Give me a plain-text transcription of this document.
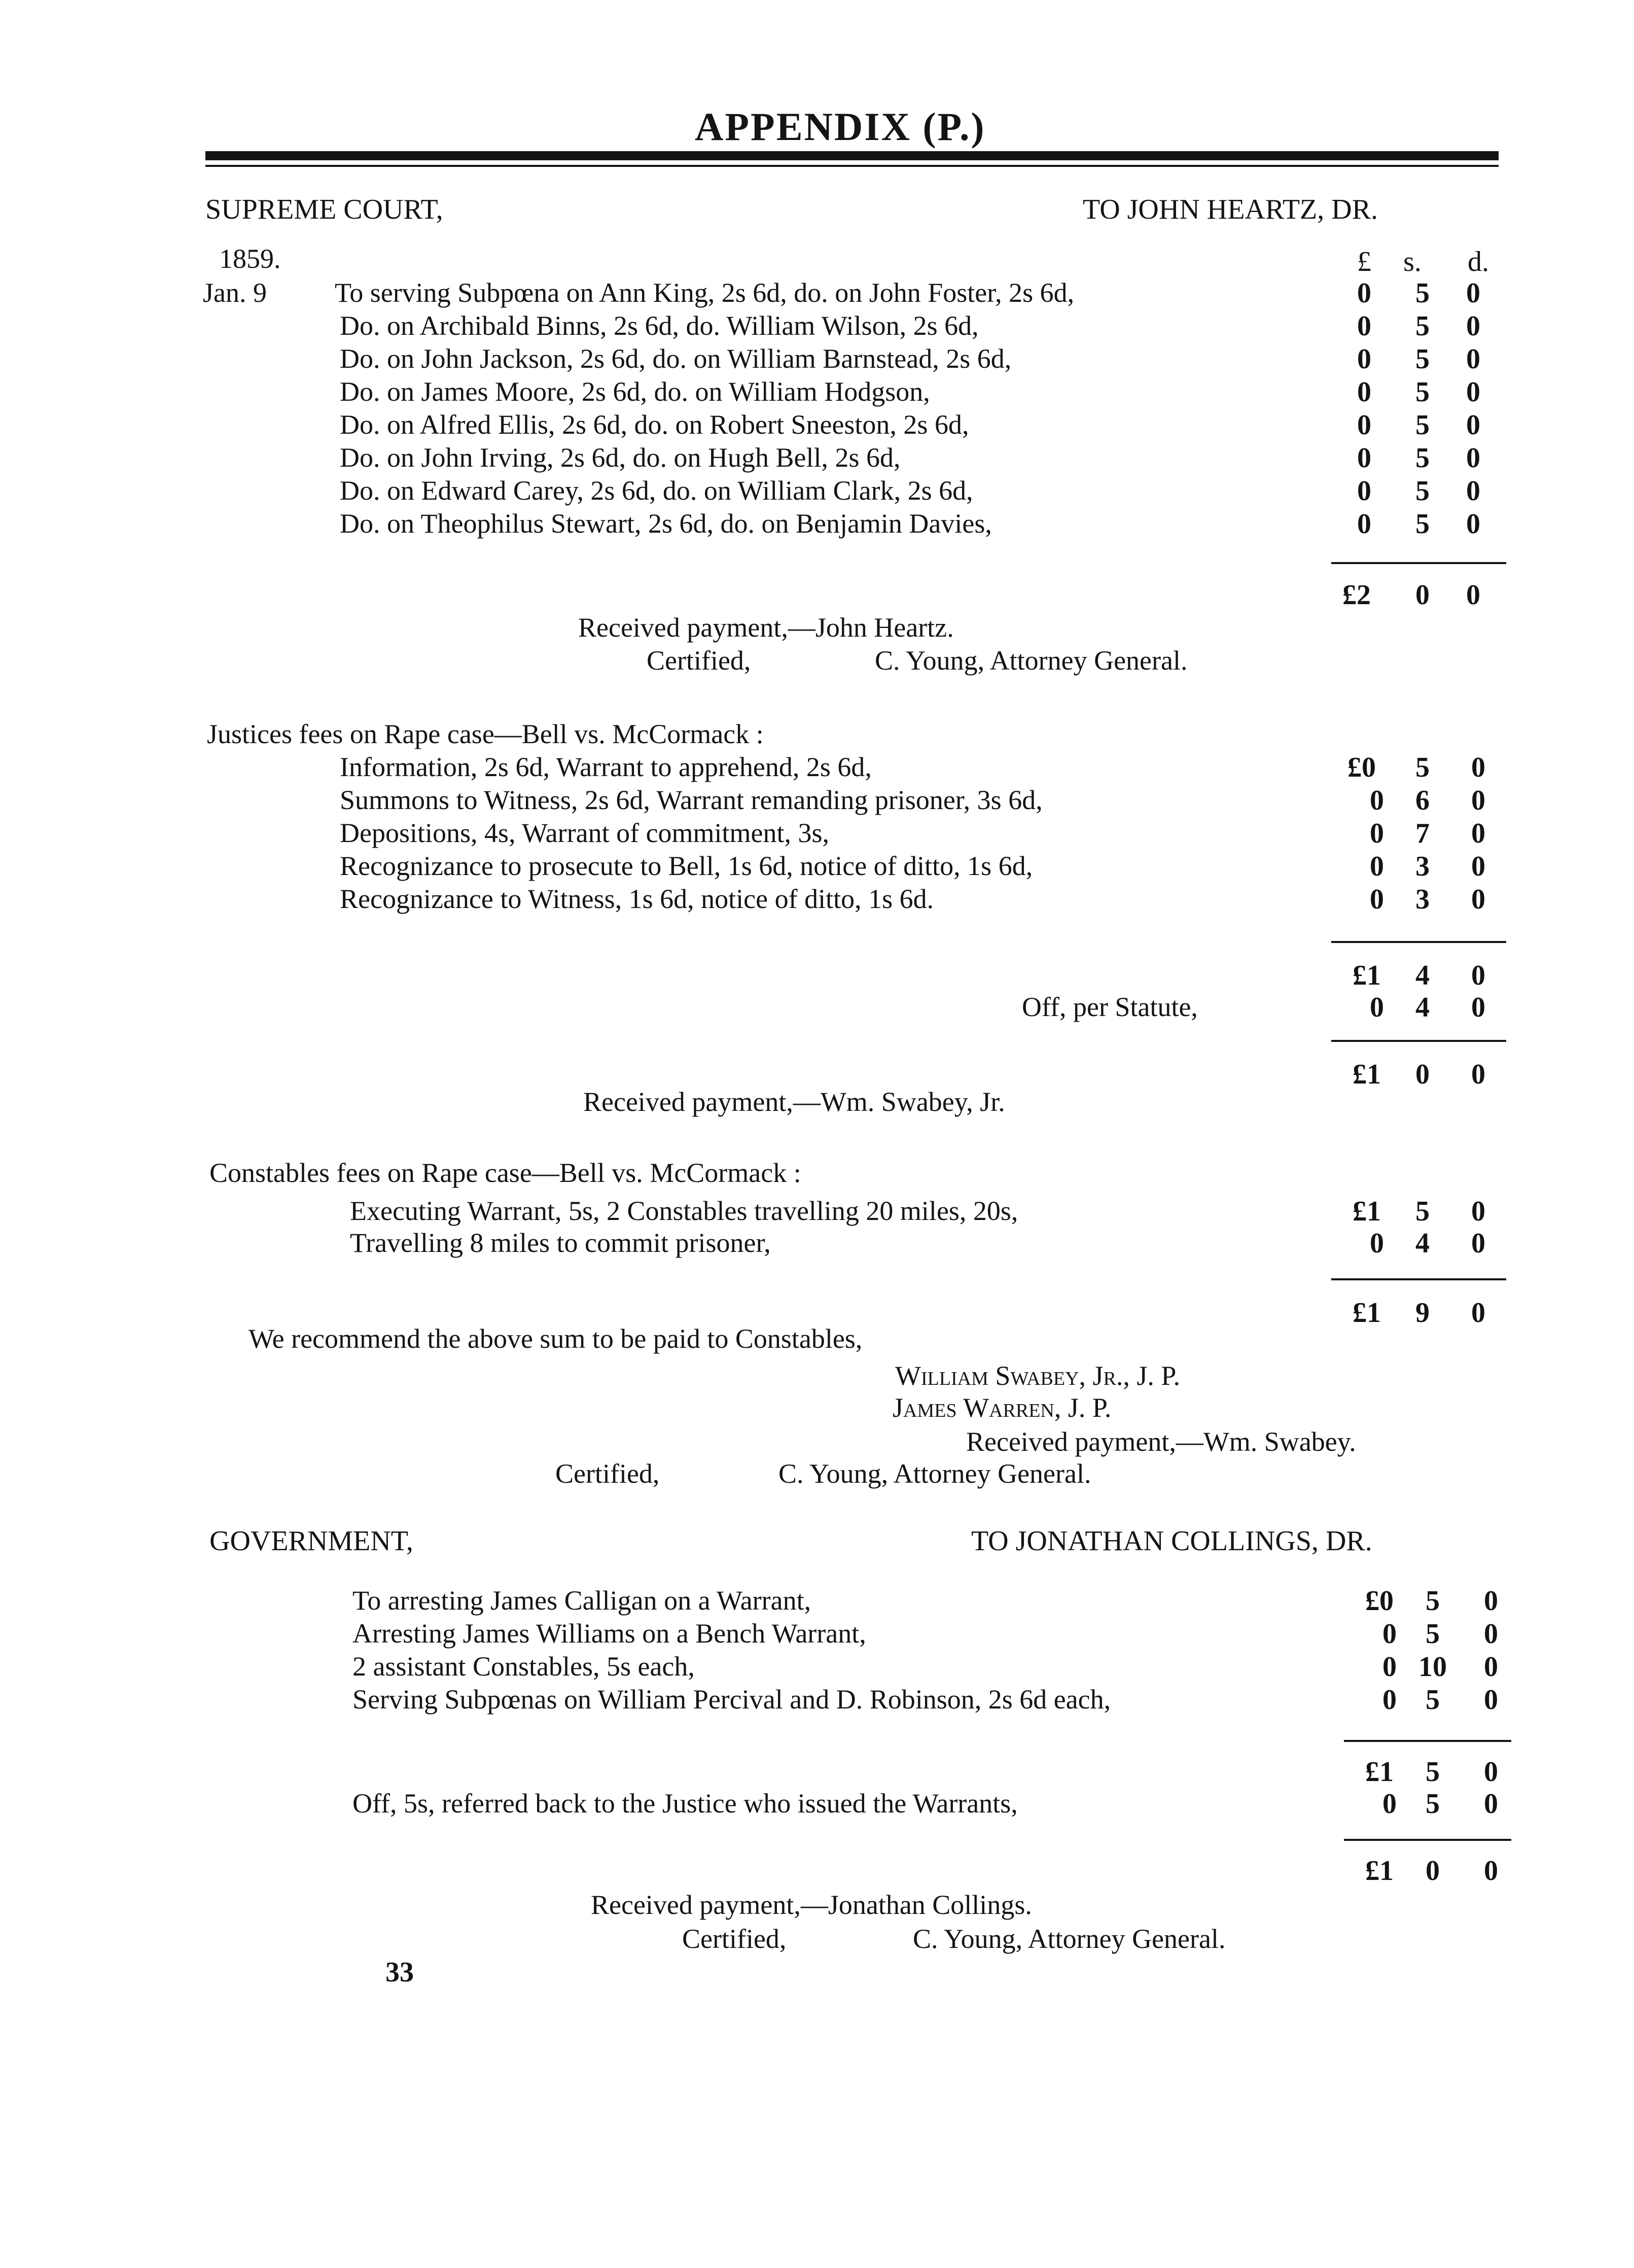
APPENDIX (P.)
SUPREME COURT,	TO JOHN HEARTZ, DR.
1859.	£	s.	d.
Jan. 9 To serving Subpœna on Ann King, 2s 6d, do. on John Foster, 2s 6d,	0	5	0
Do. on Archibald Binns, 2s 6d, do. William Wilson, 2s 6d,	0	5	0
Do. on John Jackson, 2s 6d, do. on William Barnstead, 2s 6d,	0	5	0
Do. on James Moore, 2s 6d, do. on William Hodgson,	0	5	0
Do. on Alfred Ellis, 2s 6d, do. on Robert Sneeston, 2s 6d,	0	5	0
Do. on John Irving, 2s 6d, do. on Hugh Bell, 2s 6d,	0	5	0
Do. on Edward Carey, 2s 6d, do. on William Clark, 2s 6d,	0	5	0
Do. on Theophilus Stewart, 2s 6d, do. on Benjamin Davies,	0	5	0
£2	0	0
Received payment,—John Heartz.
Certified,	C. Young, Attorney General.
Justices fees on Rape case—Bell vs. McCormack :
Information, 2s 6d, Warrant to apprehend, 2s 6d,	£0	5	0
Summons to Witness, 2s 6d, Warrant remanding prisoner, 3s 6d,	0	6	0
Depositions, 4s, Warrant of commitment, 3s,	0	7	0
Recognizance to prosecute to Bell, 1s 6d, notice of ditto, 1s 6d,	0	3	0
Recognizance to Witness, 1s 6d, notice of ditto, 1s 6d.	0	3	0
£1	4	0
Off, per Statute,	0	4	0
£1	0	0
Received payment,—Wm. Swabey, Jr.
Constables fees on Rape case—Bell vs. McCormack :
Executing Warrant, 5s, 2 Constables travelling 20 miles, 20s,	£1	5	0
Travelling 8 miles to commit prisoner,	0	4	0
£1	9	0
We recommend the above sum to be paid to Constables,
William Swabey, Jr., J. P.
James Warren, J. P.
Received payment,—Wm. Swabey.
Certified,	C. Young, Attorney General.
GOVERNMENT,	TO JONATHAN COLLINGS, DR.
To arresting James Calligan on a Warrant,	£0	5	0
Arresting James Williams on a Bench Warrant,	0	5	0
2 assistant Constables, 5s each,	0 10	0
Serving Subpœnas on William Percival and D. Robinson, 2s 6d each,	0	5	0
£1	5	0
Off, 5s, referred back to the Justice who issued the Warrants,	0	5	0
£1	0	0
Received payment,—Jonathan Collings.
Certified,	C. Young, Attorney General.
33
